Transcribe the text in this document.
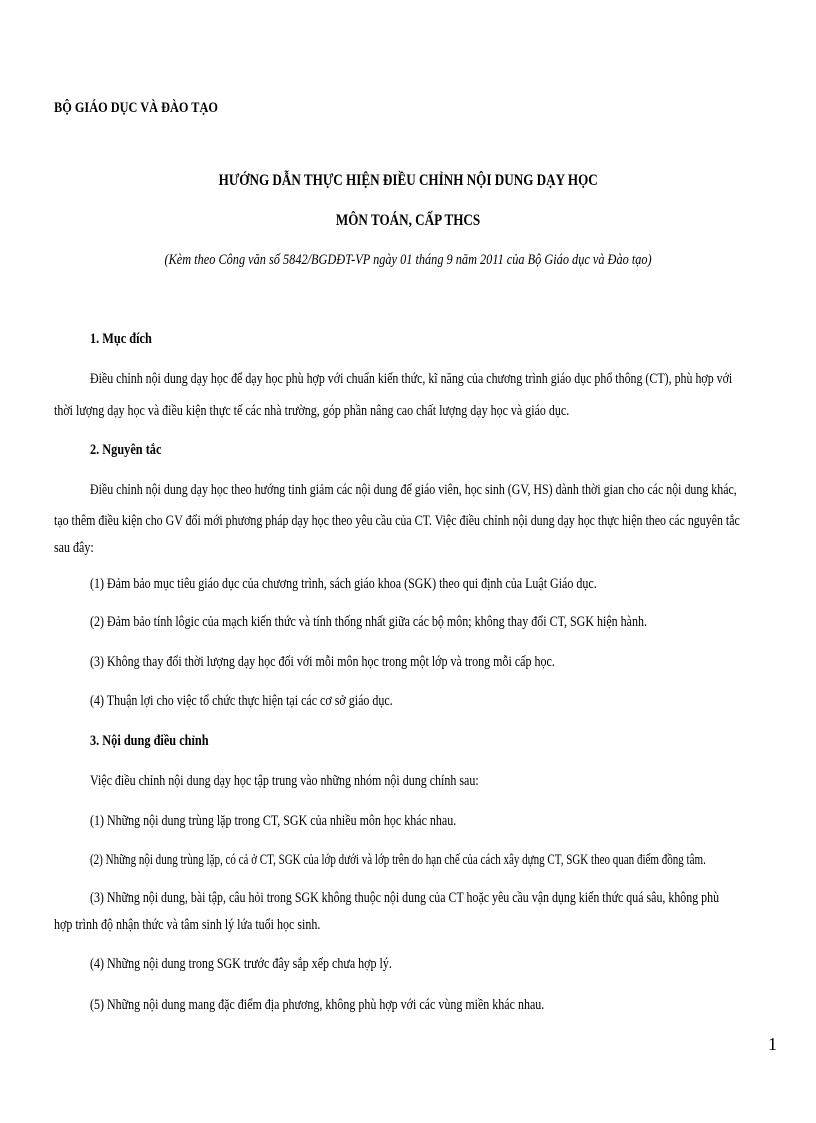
BỘ GIÁO DỤC VÀ ĐÀO TẠO
HƯỚNG DẪN THỰC HIỆN ĐIỀU CHỈNH NỘI DUNG DẠY HỌC
MÔN TOÁN, CẤP THCS
(Kèm theo Công văn số 5842/BGDĐT-VP ngày 01 tháng 9 năm 2011 của Bộ Giáo dục và Đào tạo)
1. Mục đích
Điều chỉnh nội dung dạy học để dạy học phù hợp với chuẩn kiến thức, kĩ năng của chương trình giáo dục phổ thông (CT), phù hợp với
thời lượng dạy học và điều kiện thực tế các nhà trường, góp phần nâng cao chất lượng dạy học và giáo dục.
2. Nguyên tắc
Điều chỉnh nội dung dạy học theo hướng tinh giảm các nội dung để giáo viên, học sinh (GV, HS) dành thời gian cho các nội dung khác,
tạo thêm điều kiện cho GV đổi mới phương pháp dạy học theo yêu cầu của CT. Việc điều chỉnh nội dung dạy học thực hiện theo các nguyên tắc
sau đây:
(1) Đảm bảo mục tiêu giáo dục của chương trình, sách giáo khoa (SGK) theo qui định của Luật Giáo dục.
(2) Đảm bảo tính lôgic của mạch kiến thức và tính thống nhất giữa các bộ môn; không thay đổi CT, SGK hiện hành.
(3) Không thay đổi thời lượng dạy học đối với mỗi môn học trong một lớp và trong mỗi cấp học.
(4) Thuận lợi cho việc tổ chức thực hiện tại các cơ sở giáo dục.
3. Nội dung điều chỉnh
Việc điều chỉnh nội dung dạy học tập trung vào những nhóm nội dung chính sau:
(1) Những nội dung trùng lặp trong CT, SGK của nhiều môn học khác nhau.
(2) Những nội dung trùng lặp, có cả ở CT, SGK của lớp dưới và lớp trên do hạn chế của cách xây dựng CT, SGK theo quan điểm đồng tâm.
(3) Những nội dung, bài tập, câu hỏi trong SGK không thuộc nội dung của CT hoặc yêu cầu vận dụng kiến thức quá sâu, không phù
hợp trình độ nhận thức và tâm sinh lý lứa tuổi học sinh.
(4) Những nội dung trong SGK trước đây sắp xếp chưa hợp lý.
(5) Những nội dung mang đặc điểm địa phương, không phù hợp với các vùng miền khác nhau.
1
